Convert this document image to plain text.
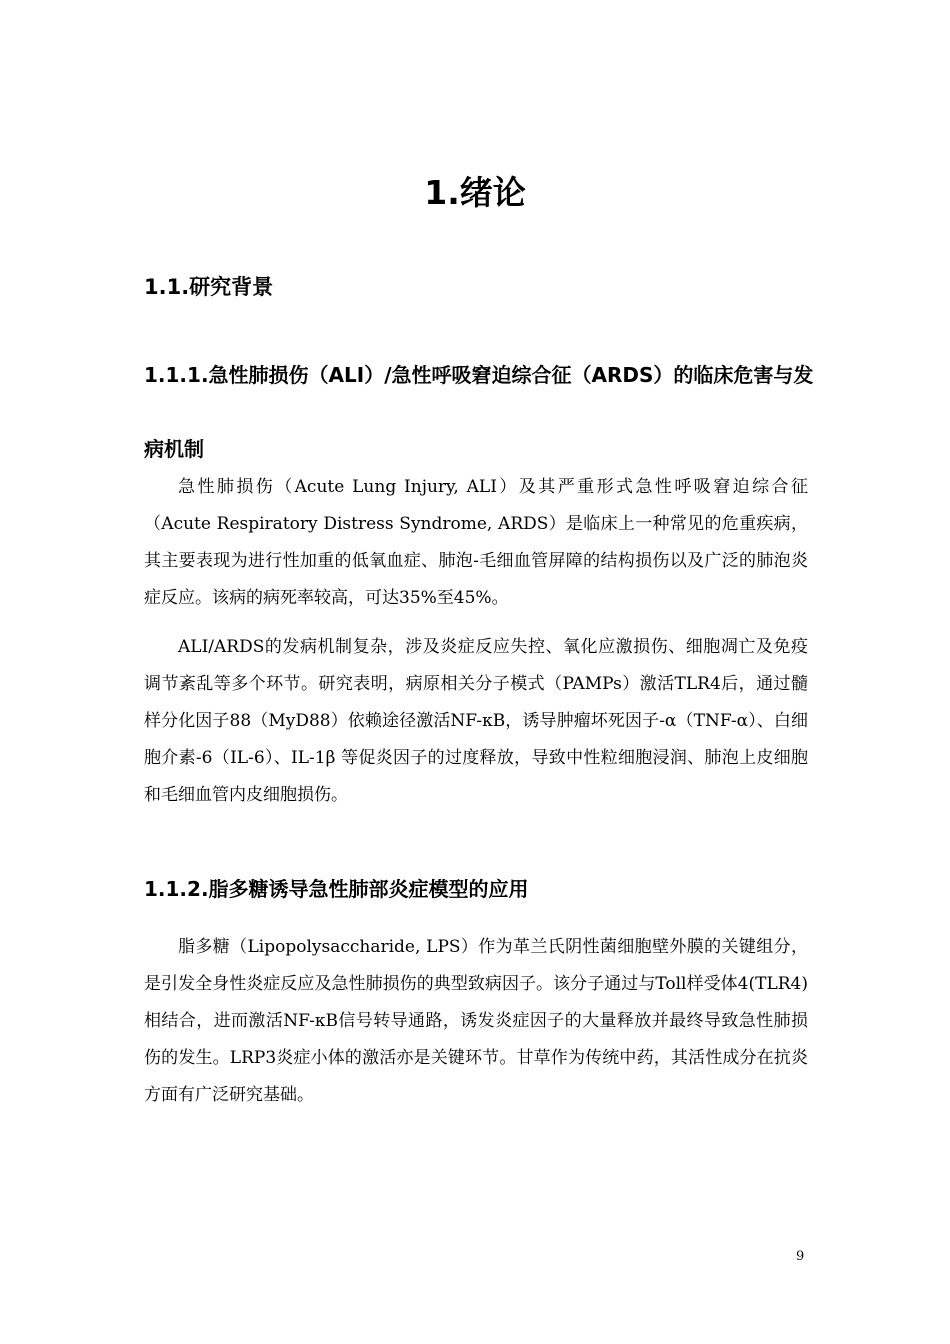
1.绪论
1.1.研究背景
1.1.1.急性肺损伤（ALI）/急性呼吸窘迫综合征（ARDS）的临床危害与发病机制

急性肺损伤（Acute Lung Injury, ALI）及其严重形式急性呼吸窘迫综合征（Acute Respiratory Distress Syndrome, ARDS）是临床上一种常见的危重疾病，其主要表现为进行性加重的低氧血症、肺泡-毛细血管屏障的结构损伤以及广泛的肺泡炎症反应。该病的病死率较高，可达35%至45%。

ALI/ARDS的发病机制复杂，涉及炎症反应失控、氧化应激损伤、细胞凋亡及免疫调节紊乱等多个环节。研究表明，病原相关分子模式（PAMPs）激活TLR4后，通过髓样分化因子88（MyD88）依赖途径激活NF-κB，诱导肿瘤坏死因子-α（TNF-α）、白细胞介素-6（IL-6）、IL-1β 等促炎因子的过度释放，导致中性粒细胞浸润、肺泡上皮细胞和毛细血管内皮细胞损伤。

1.1.2.脂多糖诱导急性肺部炎症模型的应用

脂多糖（Lipopolysaccharide, LPS）作为革兰氏阴性菌细胞壁外膜的关键组分，是引发全身性炎症反应及急性肺损伤的典型致病因子。该分子通过与Toll样受体4(TLR4)相结合，进而激活NF-κB信号转导通路，诱发炎症因子的大量释放并最终导致急性肺损伤的发生。LRP3炎症小体的激活亦是关键环节。甘草作为传统中药，其活性成分在抗炎方面有广泛研究基础。

9
